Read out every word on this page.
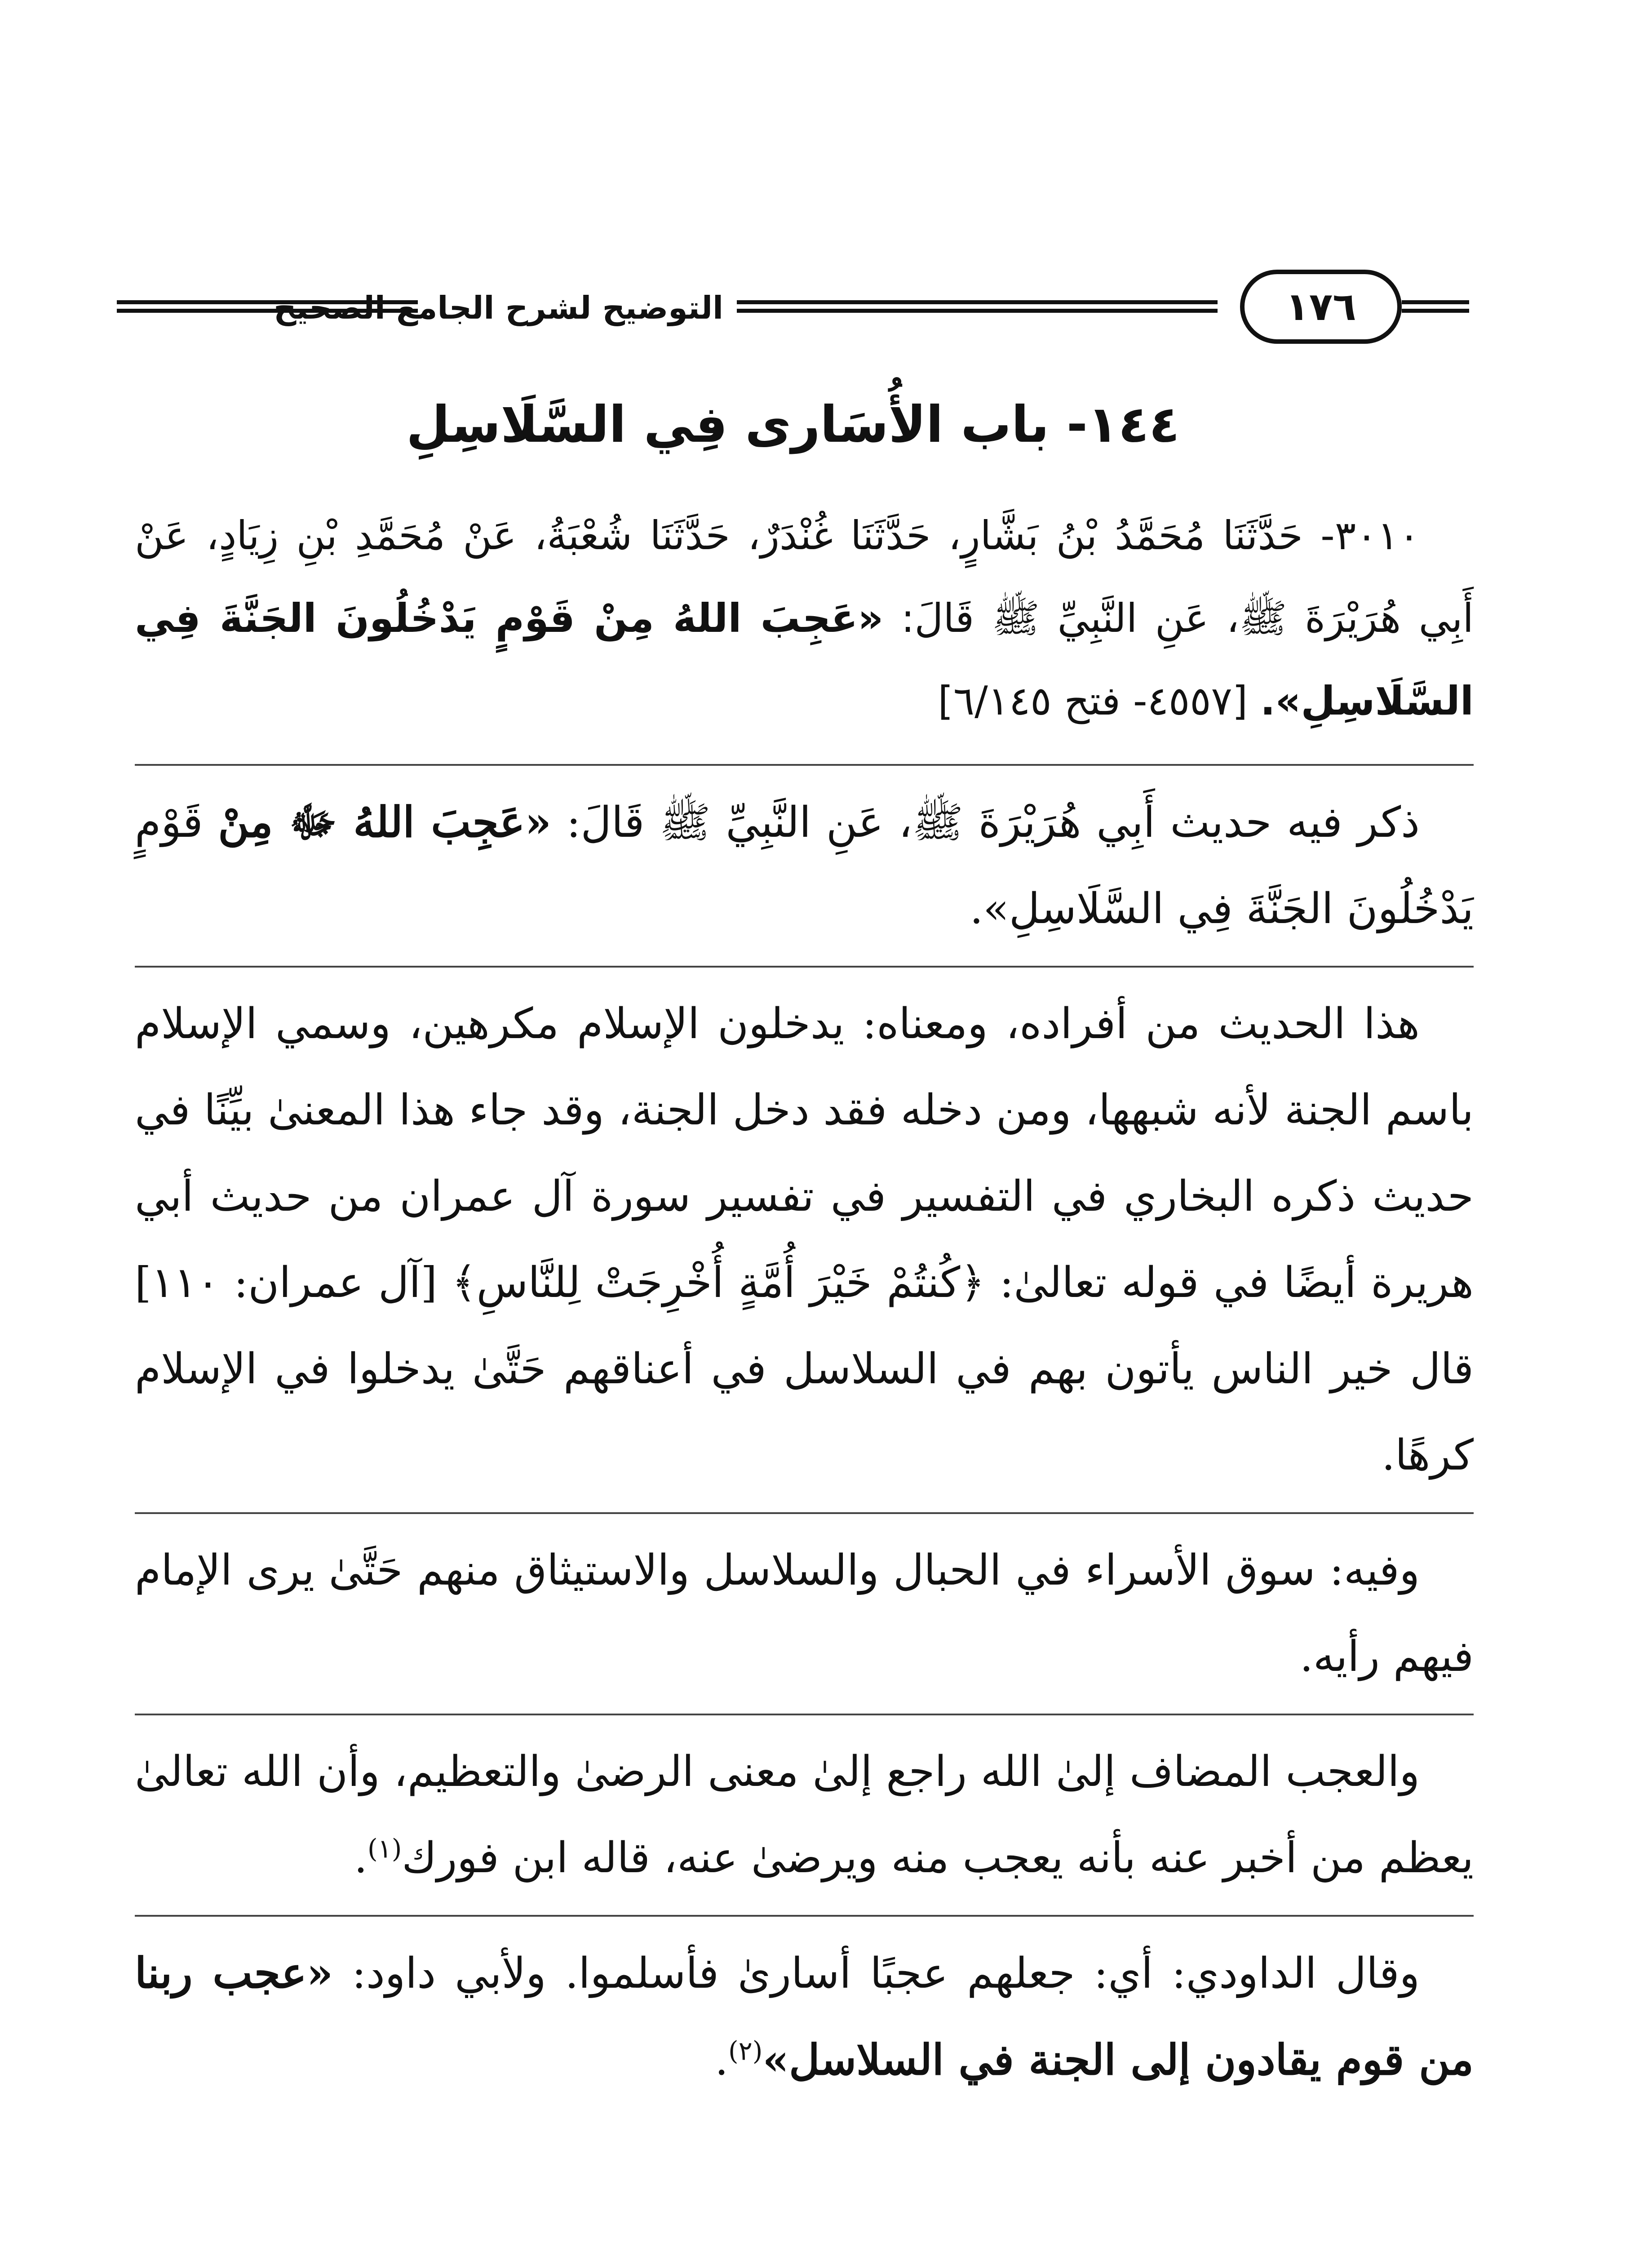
التوضيح لشرح الجامع الصحيح	١٧٦
١٤٤- باب الأُسَارى فِي السَّلَاسِلِ

٣٠١٠- حَدَّثَنَا مُحَمَّدُ بْنُ بَشَّارٍ، حَدَّثَنَا غُنْدَرٌ، حَدَّثَنَا شُعْبَةُ، عَنْ مُحَمَّدِ بْنِ زِيَادٍ، عَنْ أَبِي هُرَيْرَةَ ﷺ، عَنِ النَّبِيِّ ﷺ قَالَ: «عَجِبَ اللهُ مِنْ قَوْمٍ يَدْخُلُونَ الجَنَّةَ فِي السَّلَاسِلِ». [٤٥٥٧- فتح ٦/١٤٥]

ذكر فيه حديث أَبِي هُرَيْرَةَ ﷺ، عَنِ النَّبِيِّ ﷺ قَالَ: «عَجِبَ اللهُ ﷻ مِنْ قَوْمٍ يَدْخُلُونَ الجَنَّةَ فِي السَّلَاسِلِ».

هذا الحديث من أفراده، ومعناه: يدخلون الإسلام مكرهين، وسمي الإسلام باسم الجنة لأنه شبهها، ومن دخله فقد دخل الجنة، وقد جاء هذا المعنىٰ بيِّنًا في حديث ذكره البخاري في التفسير في تفسير سورة آل عمران من حديث أبي هريرة أيضًا في قوله تعالىٰ: ﴿كُنتُمْ خَيْرَ أُمَّةٍ أُخْرِجَتْ لِلنَّاسِ﴾ [آل عمران: ١١٠] قال خير الناس يأتون بهم في السلاسل في أعناقهم حَتَّىٰ يدخلوا في الإسلام كرهًا.

وفيه: سوق الأسراء في الحبال والسلاسل والاستيثاق منهم حَتَّىٰ يرى الإمام فيهم رأيه.

والعجب المضاف إلىٰ الله راجع إلىٰ معنى الرضىٰ والتعظيم، وأن الله تعالىٰ يعظم من أخبر عنه بأنه يعجب منه ويرضىٰ عنه، قاله ابن فورك$^{(١)}$.

وقال الداودي: أي: جعلهم عجبًا أسارىٰ فأسلموا. ولأبي داود: «عجب ربنا من قوم يقادون إلى الجنة في السلاسل»$^{(٢)}$.
